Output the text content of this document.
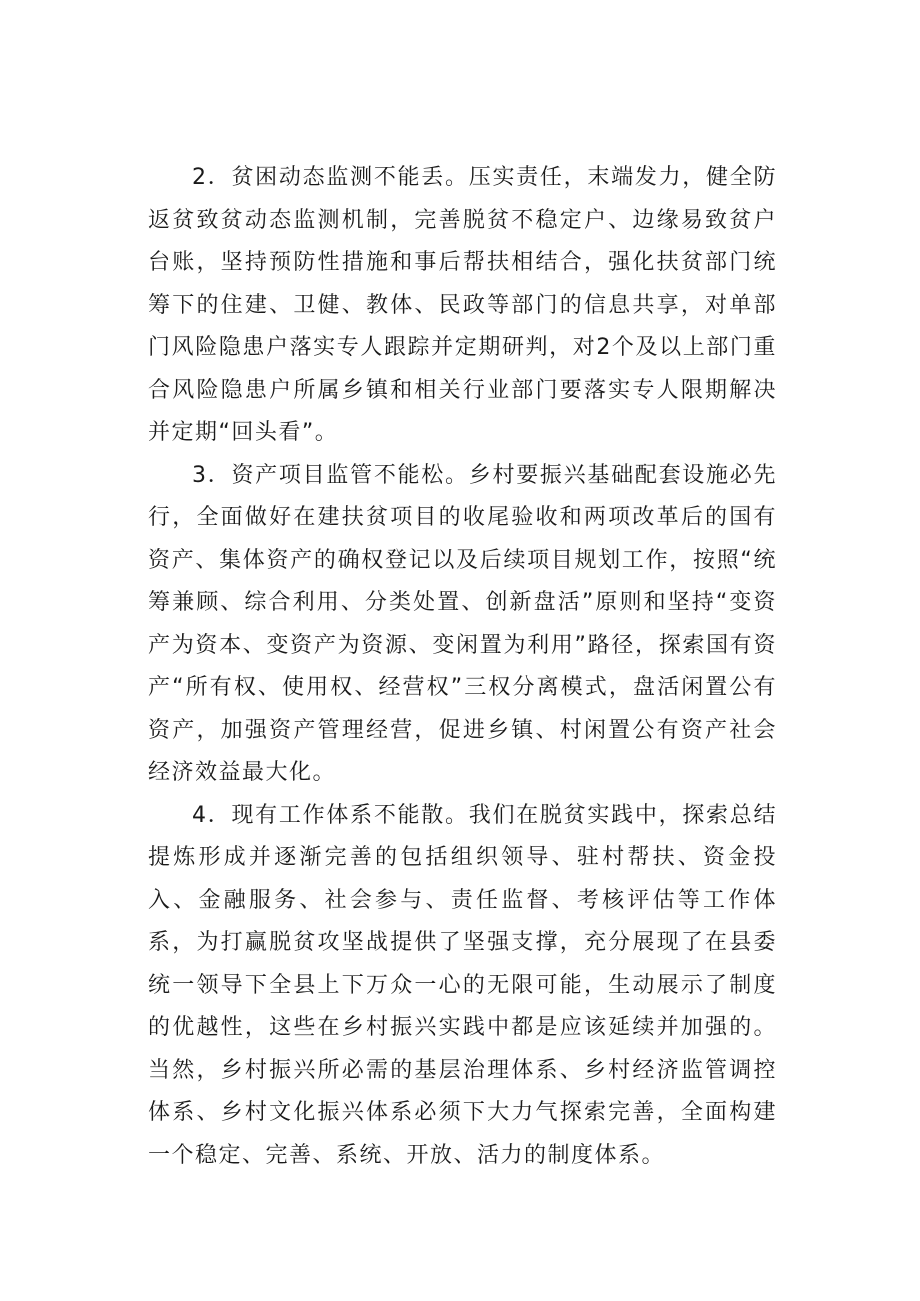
2．贫困动态监测不能丢。压实责任，末端发力，健全防返贫致贫动态监测机制，完善脱贫不稳定户、边缘易致贫户台账，坚持预防性措施和事后帮扶相结合，强化扶贫部门统筹下的住建、卫健、教体、民政等部门的信息共享，对单部门风险隐患户落实专人跟踪并定期研判，对2个及以上部门重合风险隐患户所属乡镇和相关行业部门要落实专人限期解决并定期“回头看”。

3．资产项目监管不能松。乡村要振兴基础配套设施必先行，全面做好在建扶贫项目的收尾验收和两项改革后的国有资产、集体资产的确权登记以及后续项目规划工作，按照“统筹兼顾、综合利用、分类处置、创新盘活”原则和坚持“变资产为资本、变资产为资源、变闲置为利用”路径，探索国有资产“所有权、使用权、经营权”三权分离模式，盘活闲置公有资产，加强资产管理经营，促进乡镇、村闲置公有资产社会经济效益最大化。

4．现有工作体系不能散。我们在脱贫实践中，探索总结提炼形成并逐渐完善的包括组织领导、驻村帮扶、资金投入、金融服务、社会参与、责任监督、考核评估等工作体系，为打赢脱贫攻坚战提供了坚强支撑，充分展现了在县委统一领导下全县上下万众一心的无限可能，生动展示了制度的优越性，这些在乡村振兴实践中都是应该延续并加强的。当然，乡村振兴所必需的基层治理体系、乡村经济监管调控体系、乡村文化振兴体系必须下大力气探索完善，全面构建一个稳定、完善、系统、开放、活力的制度体系。
